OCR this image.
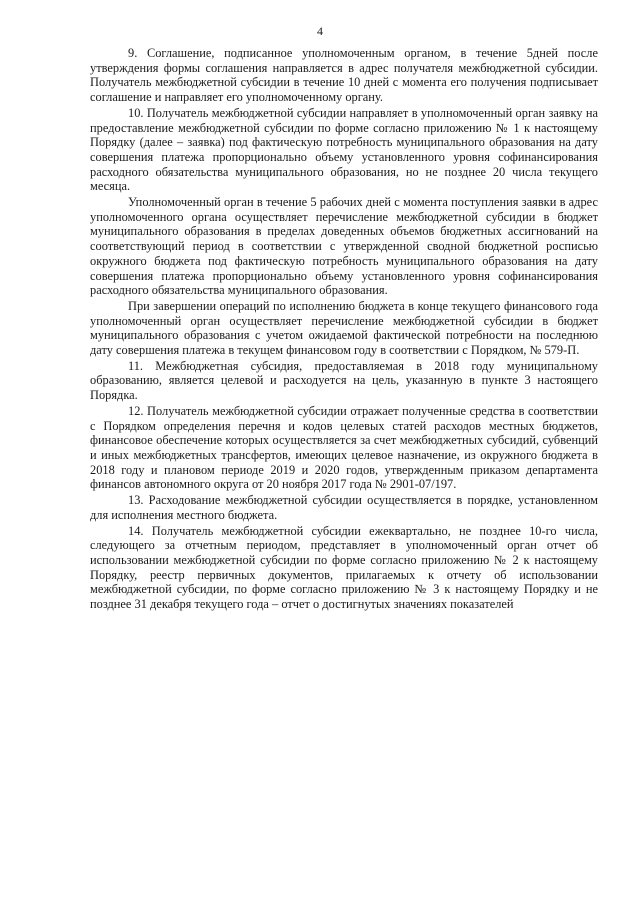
4

9. Соглашение, подписанное уполномоченным органом, в течение 5дней после утверждения формы соглашения направляется в адрес получателя межбюджетной субсидии. Получатель межбюджетной субсидии в течение 10 дней с момента его получения подписывает соглашение и направляет его уполномоченному органу.

10. Получатель межбюджетной субсидии направляет в уполномоченный орган заявку на предоставление межбюджетной субсидии по форме согласно приложению № 1 к настоящему Порядку (далее – заявка) под фактическую потребность муниципального образования на дату совершения платежа пропорционально объему установленного уровня софинансирования расходного обязательства муниципального образования, но не позднее 20 числа текущего месяца.

Уполномоченный орган в течение 5 рабочих дней с момента поступления заявки в адрес уполномоченного органа осуществляет перечисление межбюджетной субсидии в бюджет муниципального образования в пределах доведенных объемов бюджетных ассигнований на соответствующий период в соответствии с утвержденной сводной бюджетной росписью окружного бюджета под фактическую потребность муниципального образования на дату совершения платежа пропорционально объему установленного уровня софинансирования расходного обязательства муниципального образования.

При завершении операций по исполнению бюджета в конце текущего финансового года уполномоченный орган осуществляет перечисление межбюджетной субсидии в бюджет муниципального образования с учетом ожидаемой фактической потребности на последнюю дату совершения платежа в текущем финансовом году в соответствии с Порядком, № 579-П.

11. Межбюджетная субсидия, предоставляемая в 2018 году муниципальному образованию, является целевой и расходуется на цель, указанную в пункте 3 настоящего Порядка.

12. Получатель межбюджетной субсидии отражает полученные средства в соответствии с Порядком определения перечня и кодов целевых статей расходов местных бюджетов, финансовое обеспечение которых осуществляется за счет межбюджетных субсидий, субвенций и иных межбюджетных трансфертов, имеющих целевое назначение, из окружного бюджета в 2018 году и плановом периоде 2019 и 2020 годов, утвержденным приказом департамента финансов автономного округа от 20 ноября 2017 года № 2901-07/197.

13. Расходование межбюджетной субсидии осуществляется в порядке, установленном для исполнения местного бюджета.

14. Получатель межбюджетной субсидии ежеквартально, не позднее 10-го числа, следующего за отчетным периодом, представляет в уполномоченный орган отчет об использовании межбюджетной субсидии по форме согласно приложению № 2 к настоящему Порядку, реестр первичных документов, прилагаемых к отчету об использовании межбюджетной субсидии, по форме согласно приложению № 3 к настоящему Порядку и не позднее 31 декабря текущего года – отчет о достигнутых значениях показателей
